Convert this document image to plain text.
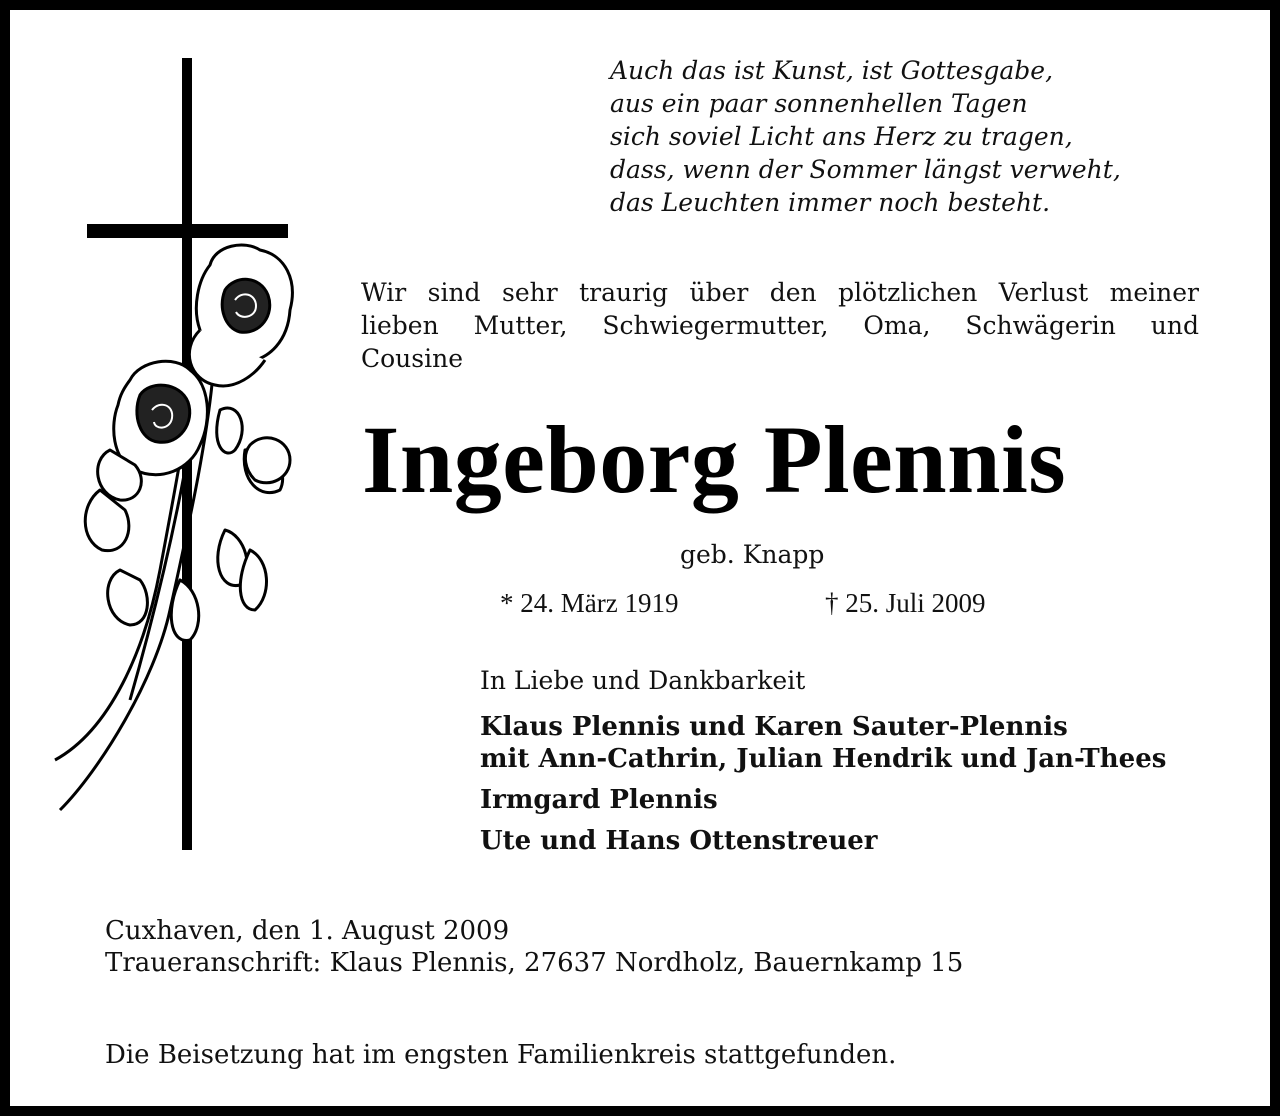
Auch das ist Kunst, ist Gottesgabe,
aus ein paar sonnenhellen Tagen
sich soviel Licht ans Herz zu tragen,
dass, wenn der Sommer längst verweht,
das Leuchten immer noch besteht.
Wir sind sehr traurig über den plötzlichen Verlust meiner
lieben Mutter, Schwiegermutter, Oma, Schwägerin und
Cousine
Ingeborg Plennis
geb. Knapp
* 24. März 1919	† 25. Juli 2009
In Liebe und Dankbarkeit
Klaus Plennis und Karen Sauter-Plennis
mit Ann-Cathrin, Julian Hendrik und Jan-Thees
Irmgard Plennis
Ute und Hans Ottenstreuer
Cuxhaven, den 1. August 2009
Traueranschrift: Klaus Plennis, 27637 Nordholz, Bauernkamp 15
Die Beisetzung hat im engsten Familienkreis stattgefunden.
